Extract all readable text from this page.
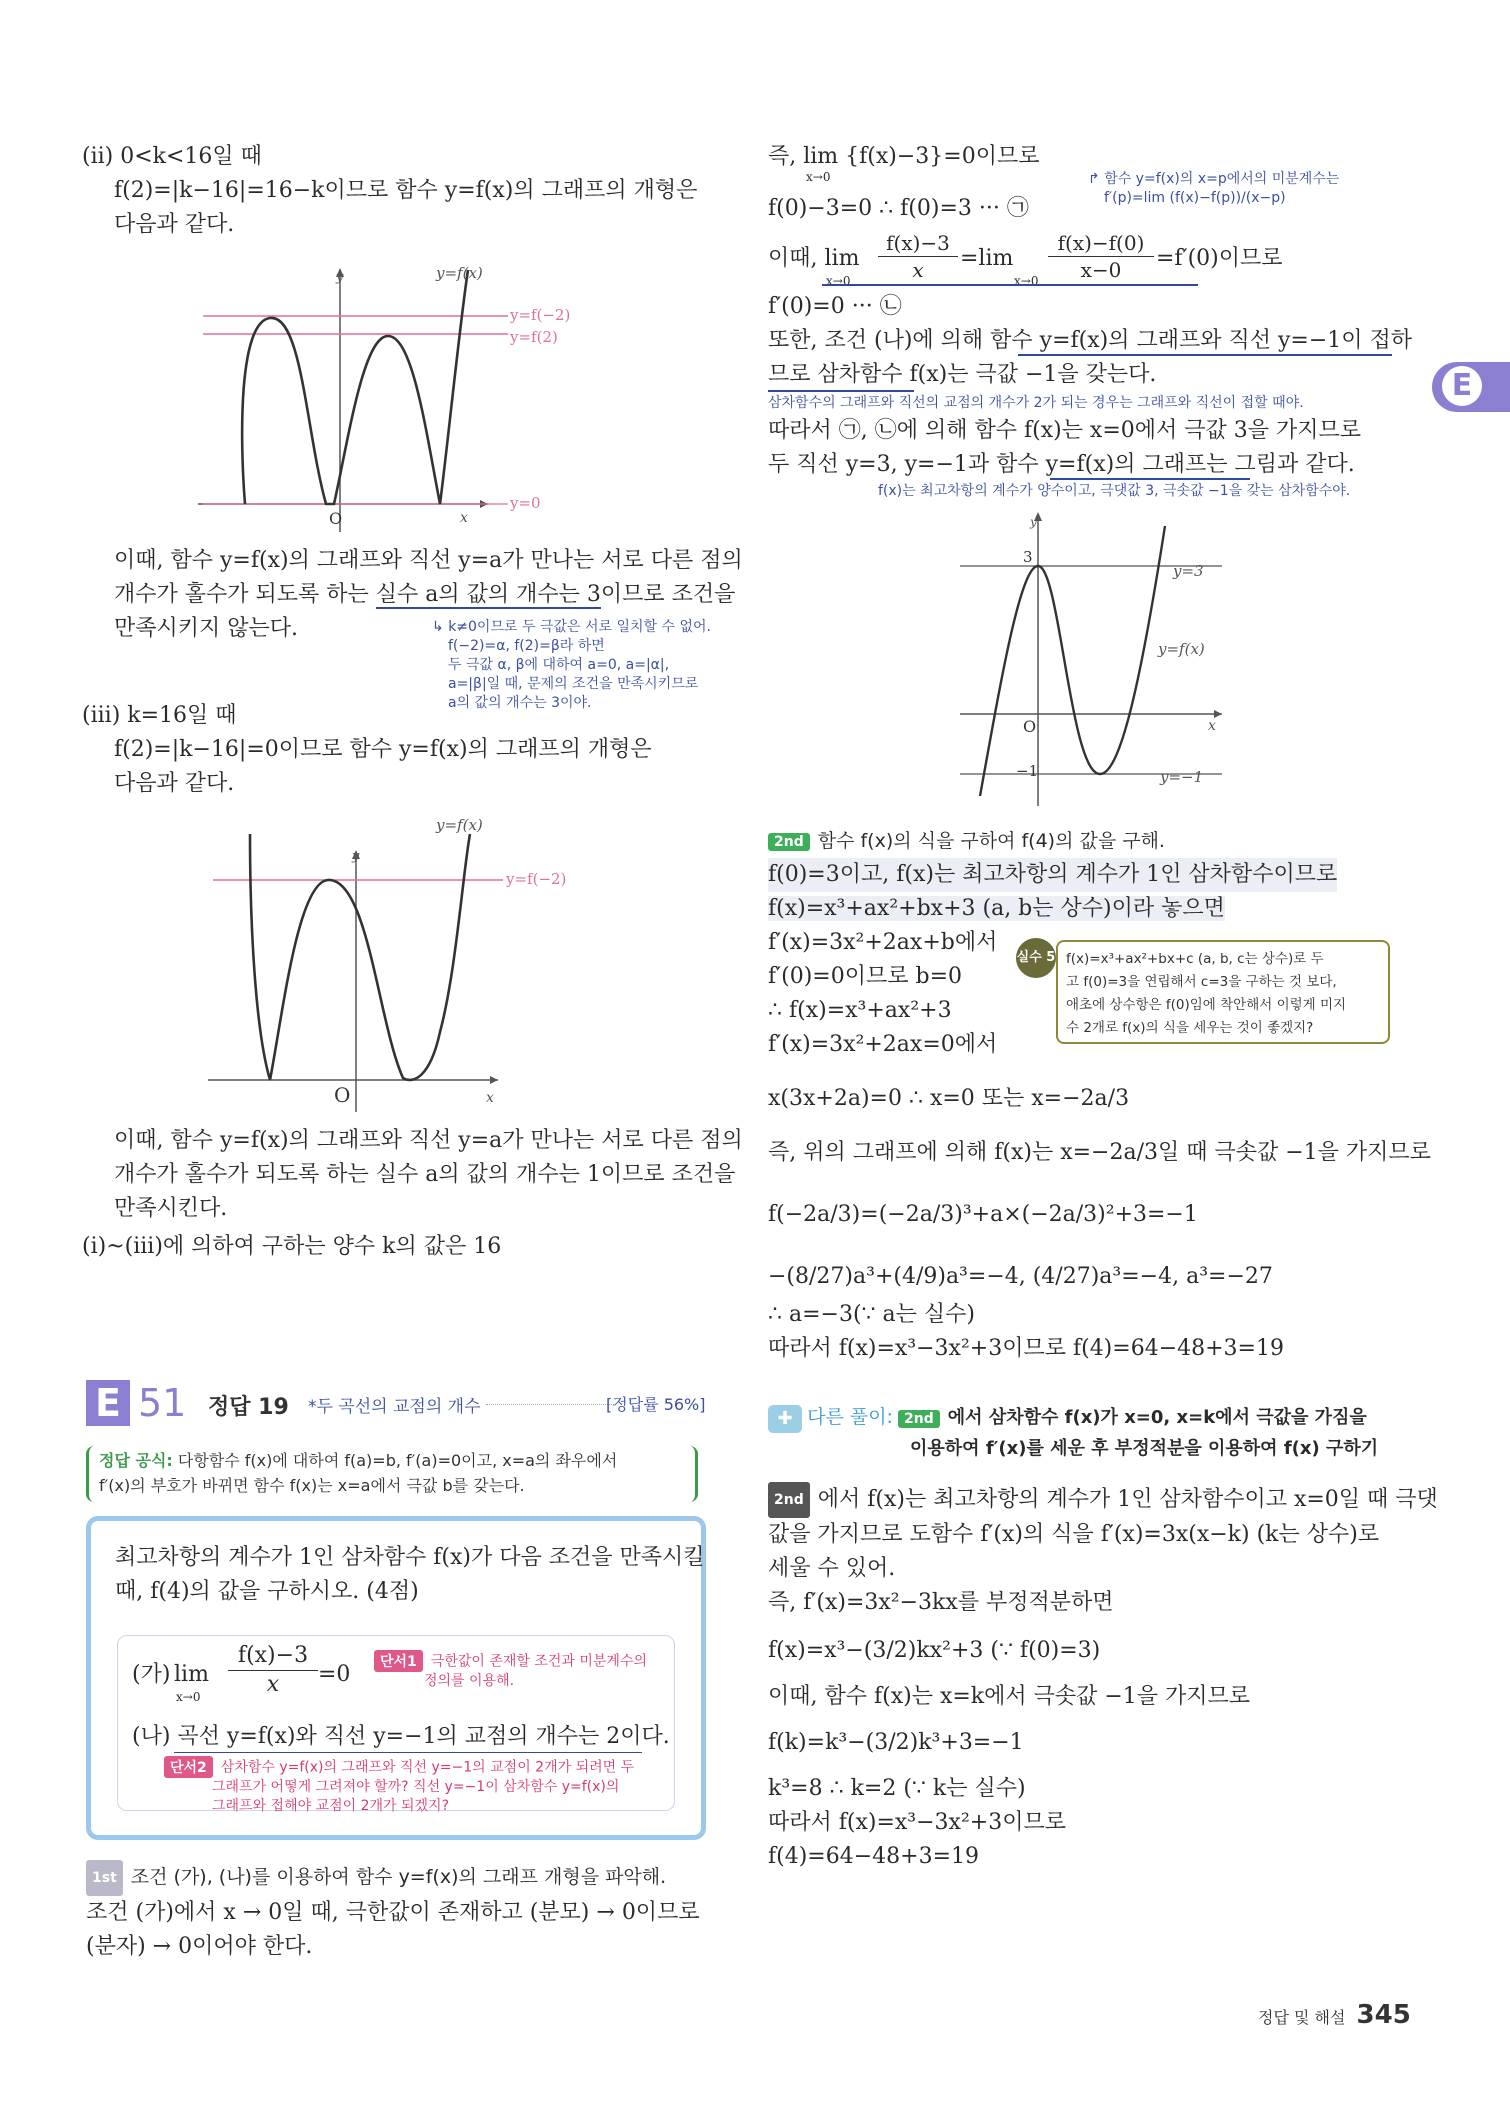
E
(ii) 0<k<16일 때
f(2)=|k−16|=16−k이므로 함수 y=f(x)의 그래프의 개형은
다음과 같다.
y	y=f(x)
y=f(−2)
y=f(2)
y=0
O	x
이때, 함수 y=f(x)의 그래프와 직선 y=a가 만나는 서로 다른 점의
개수가 홀수가 되도록 하는 실수 a의 값의 개수는 3이므로 조건을
만족시키지 않는다.	↳ k≠0이므로 두 극값은 서로 일치할 수 없어.
f(−2)=α, f(2)=β라 하면
두 극값 α, β에 대하여 a=0, a=|α|,
a=|β|일 때, 문제의 조건을 만족시키므로
a의 값의 개수는 3이야.
(iii) k=16일 때
f(2)=|k−16|=0이므로 함수 y=f(x)의 그래프의 개형은
다음과 같다.
y
y=f(x)
y=f(−2)
O	x
이때, 함수 y=f(x)의 그래프와 직선 y=a가 만나는 서로 다른 점의
개수가 홀수가 되도록 하는 실수 a의 값의 개수는 1이므로 조건을
만족시킨다.
(i)~(iii)에 의하여 구하는 양수 k의 값은 16
E 51 정답 19 *두 곡선의 교점의 개수	[정답률 56%]
정답 공식: 다항함수 f(x)에 대하여 f(a)=b, f′(a)=0이고, x=a의 좌우에서
f′(x)의 부호가 바뀌면 함수 f(x)는 x=a에서 극값 b를 갖는다.
최고차항의 계수가 1인 삼차함수 f(x)가 다음 조건을 만족시킬
때, f(4)의 값을 구하시오. (4점)
(가) lim
$x\to 0 \frac{f(x)-3}{x} =0$	단서1 극한값이 존재할 조건과 미분계수의
정의를 이용해.
(나) 곡선 y=f(x)와 직선 y=−1의 교점의 개수는 2이다.
단서2 삼차함수 y=f(x)의 그래프와 직선 y=−1의 교점이 2개가 되려면 두
그래프가 어떻게 그려져야 할까? 직선 y=−1이 삼차함수 y=f(x)의
그래프와 접해야 교점이 2개가 되겠지?
1st 조건 (가), (나)를 이용하여 함수 y=f(x)의 그래프 개형을 파악해.
조건 (가)에서 x → 0일 때, 극한값이 존재하고 (분모) → 0이므로
(분자) → 0이어야 한다.
즉, lim {f(x)−3}=0이므로
x→0	↱ 함수 y=f(x)의 x=p에서의 미분계수는
f′(p)=lim (f(x)−f(p))/(x−p)
f(0)−3=0 ∴ f(0)=3 ··· ㉠
이때, lim
x→0
f(x)−3
x	=lim
x→0
f(x)−f(0)
x−0	=f′(0)이므로
f′(0)=0 ··· ㉡
또한, 조건 (나)에 의해 함수 y=f(x)의 그래프와 직선 y=−1이 접하
므로 삼차함수 f(x)는 극값 −1을 갖는다.
삼차함수의 그래프와 직선의 교점의 개수가 2가 되는 경우는 그래프와 직선이 접할 때야.
따라서 ㉠, ㉡에 의해 함수 f(x)는 x=0에서 극값 3을 가지므로
두 직선 y=3, y=−1과 함수 y=f(x)의 그래프는 그림과 같다.
f(x)는 최고차항의 계수가 양수이고, 극댓값 3, 극솟값 −1을 갖는 삼차함수야.
y
3
y=3
y=f(x)
O	x
−1	y=−1
2nd 함수 f(x)의 식을 구하여 f(4)의 값을 구해.
f(0)=3이고, f(x)는 최고차항의 계수가 1인 삼차함수이므로
f(x)=x³+ax²+bx+3 (a, b는 상수)이라 놓으면
f′(x)=3x²+2ax+b에서
f′(0)=0이므로 b=0
∴ f(x)=x³+ax²+3
f′(x)=3x²+2ax=0에서
실수 5 f(x)=x³+ax²+bx+c (a, b, c는 상수)로 두
고 f(0)=3을 연립해서 c=3을 구하는 것 보다,
애초에 상수항은 f(0)임에 착안해서 이렇게 미지
수 2개로 f(x)의 식을 세우는 것이 좋겠지?
x(3x+2a)=0 ∴ x=0 또는 x=−2a/3
즉, 위의 그래프에 의해 f(x)는 x=−2a/3일 때 극솟값 −1을 가지므로
f(−2a/3)=(−2a/3)³+a×(−2a/3)²+3=−1
−(8/27)a³+(4/9)a³=−4, (4/27)a³=−4, a³=−27
∴ a=−3(∵ a는 실수)
따라서 f(x)=x³−3x²+3이므로 f(4)=64−48+3=19
✚ 다른 풀이: 2nd 에서 삼차함수 f(x)가 x=0, x=k에서 극값을 가짐을
이용하여 f′(x)를 세운 후 부정적분을 이용하여 f(x) 구하기
2nd 에서 f(x)는 최고차항의 계수가 1인 삼차함수이고 x=0일 때 극댓
값을 가지므로 도함수 f′(x)의 식을 f′(x)=3x(x−k) (k는 상수)로
세울 수 있어.
즉, f′(x)=3x²−3kx를 부정적분하면
f(x)=x³−(3/2)kx²+3 (∵ f(0)=3)
이때, 함수 f(x)는 x=k에서 극솟값 −1을 가지므로
f(k)=k³−(3/2)k³+3=−1
k³=8 ∴ k=2 (∵ k는 실수)
따라서 f(x)=x³−3x²+3이므로
f(4)=64−48+3=19
정답 및 해설 345
